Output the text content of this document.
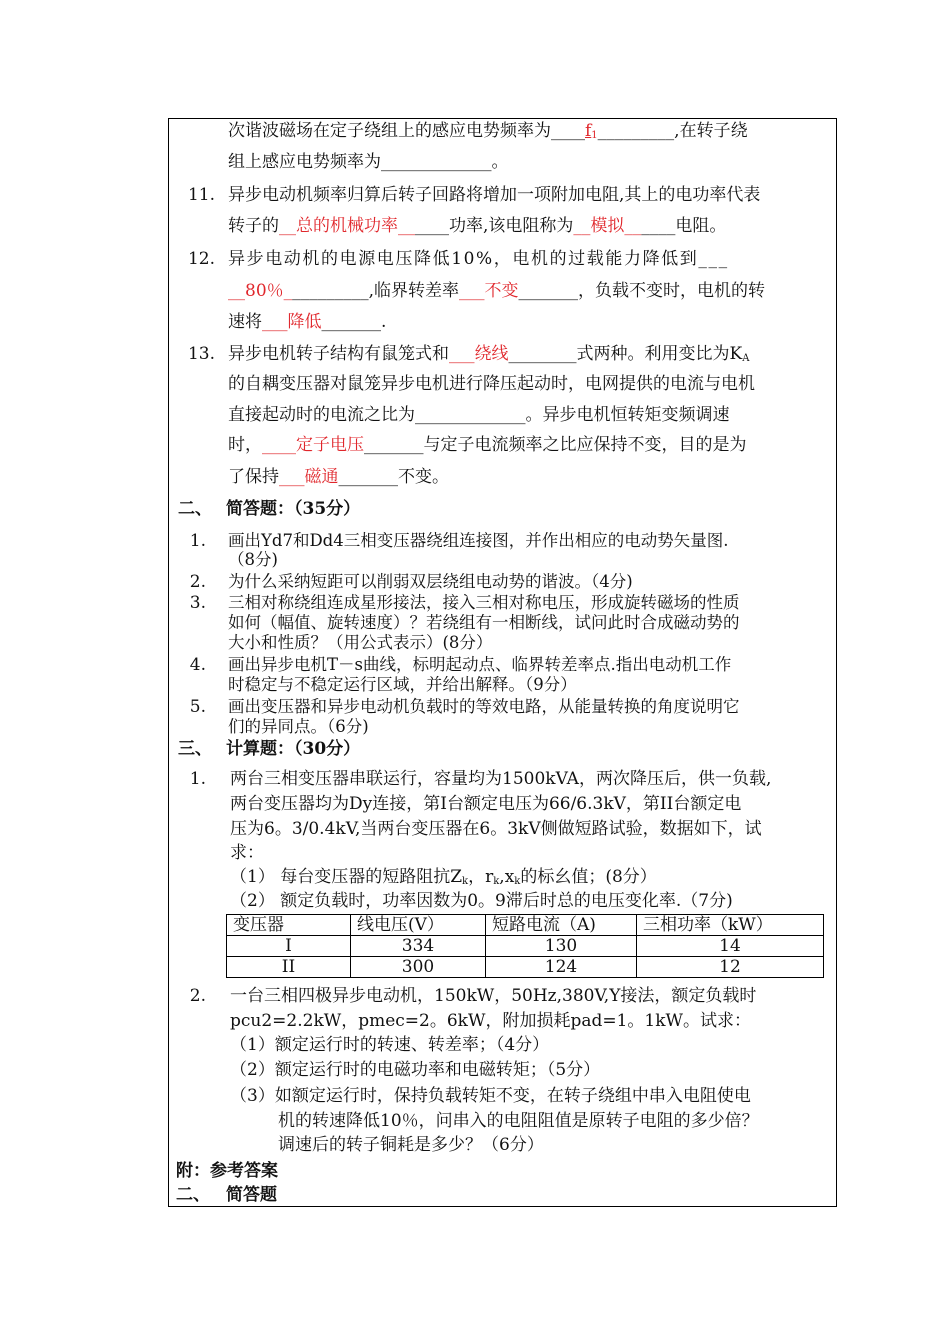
次谐波磁场在定子绕组上的感应电势频率为$\_\_\_\_f_1\_\_\_\_\_\_\_\_\_$,在转子绕
组上感应电势频率为_____________。
11. 异步电动机频率归算后转子回路将增加一项附加电阻,其上的电功率代表
转子的__总的机械功率______功率,该电阻称为__模拟______电阻。
12. 异步电动机的电源电压降低10%，电机的过载能力降低到___
__80％__________,临界转差率___不变_______，负载不变时，电机的转
速将___降低_______.
13. 异步电机转子结构有鼠笼式和___绕线________式两种。利用变比为$K_A$
的自耦变压器对鼠笼异步电机进行降压起动时，电网提供的电流与电机
直接起动时的电流之比为_____________。异步电机恒转矩变频调速
时，____定子电压_______与定子电流频率之比应保持不变，目的是为
了保持___磁通_______不变。
二、 简答题：（35分）
1. 画出Yd7和Dd4三相变压器绕组连接图，并作出相应的电动势矢量图.
（8分)
2. 为什么采纳短距可以削弱双层绕组电动势的谐波。（4分)
3. 三相对称绕组连成星形接法，接入三相对称电压，形成旋转磁场的性质
如何（幅值、旋转速度）？若绕组有一相断线，试问此时合成磁动势的
大小和性质？（用公式表示）(8分）
4. 画出异步电机T－s曲线，标明起动点、临界转差率点.指出电动机工作
时稳定与不稳定运行区域，并给出解释。（9分）
5. 画出变压器和异步电动机负载时的等效电路，从能量转换的角度说明它
们的异同点。（6分)
三、 计算题：（30分）
1. 两台三相变压器串联运行，容量均为1500kVA，两次降压后，供一负载,
两台变压器均为Dy连接，第I台额定电压为66/6.3kV，第II台额定电
压为6。3/0.4kV,当两台变压器在6。3kV侧做短路试验，数据如下，试
求：
（1） 每台变压器的短路阻抗$Z_k$，$r_k,x_k$的标幺值；(8分）
（2） 额定负载时，功率因数为0。9滞后时总的电压变化率.（7分)
变压器	线电压(V）	短路电流（A)	三相功率（kW）
I	334	130	14
II	300	124	12
2. 一台三相四极异步电动机，150kW，50Hz,380V,Y接法，额定负载时
pcu2=2.2kW，pmec=2。6kW，附加损耗pad=1。1kW。试求：
（1）额定运行时的转速、转差率；（4分）
（2）额定运行时的电磁功率和电磁转矩；（5分）
（3）如额定运行时，保持负载转矩不变，在转子绕组中串入电阻使电
机的转速降低10％，问串入的电阻阻值是原转子电阻的多少倍？
调速后的转子铜耗是多少？（6分）
附：参考答案
二、 简答题
